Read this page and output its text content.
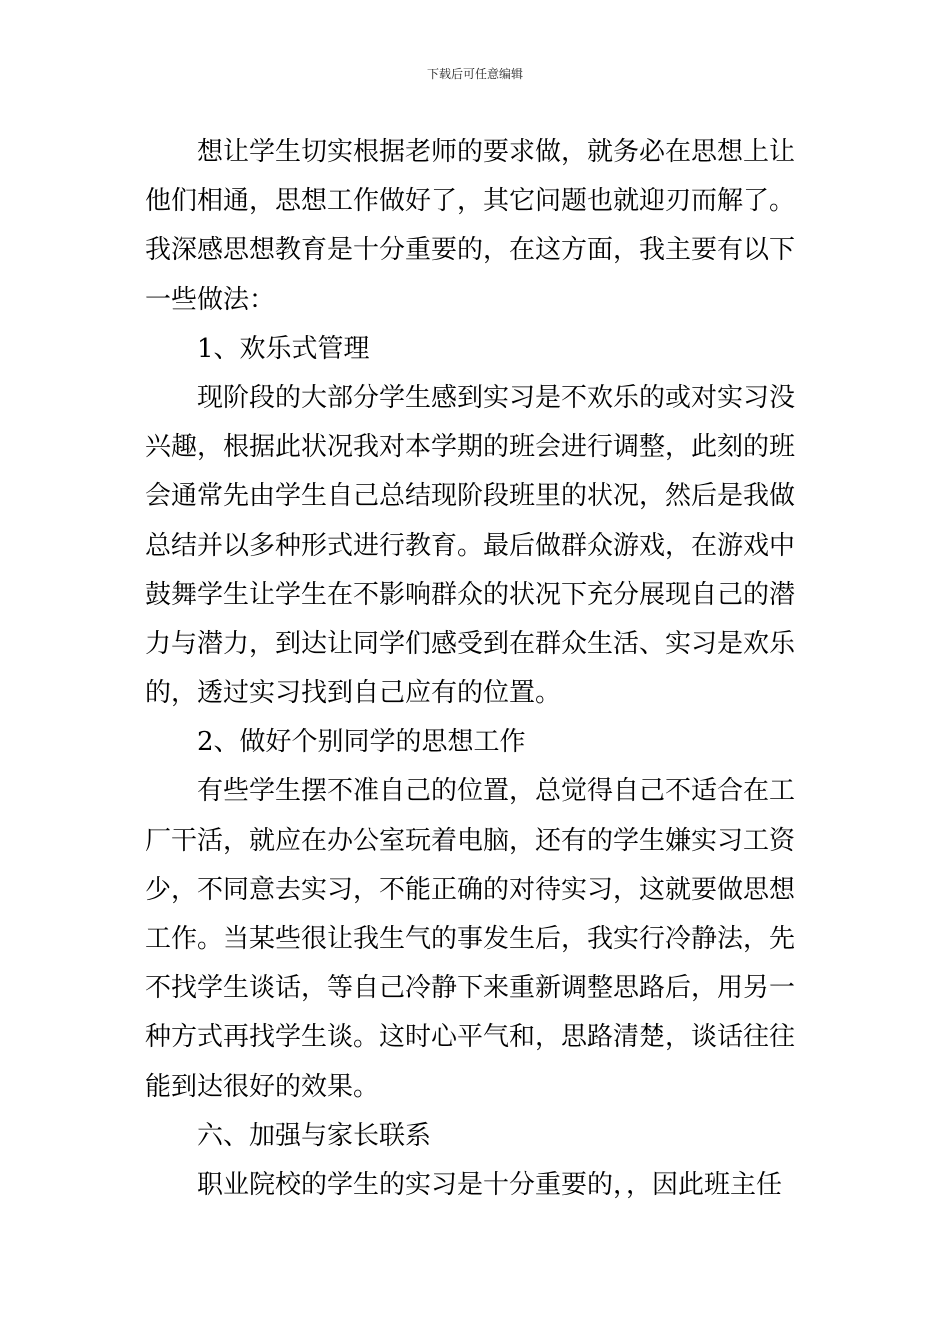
下载后可任意编辑
想让学生切实根据老师的要求做，就务必在思想上让
他们相通，思想工作做好了，其它问题也就迎刃而解了。
我深感思想教育是十分重要的，在这方面，我主要有以下
一些做法：
1、欢乐式管理
现阶段的大部分学生感到实习是不欢乐的或对实习没
兴趣，根据此状况我对本学期的班会进行调整，此刻的班
会通常先由学生自己总结现阶段班里的状况，然后是我做
总结并以多种形式进行教育。最后做群众游戏，在游戏中
鼓舞学生让学生在不影响群众的状况下充分展现自己的潜
力与潜力，到达让同学们感受到在群众生活、实习是欢乐
的，透过实习找到自己应有的位置。
2、做好个别同学的思想工作
有些学生摆不准自己的位置，总觉得自己不适合在工
厂干活，就应在办公室玩着电脑，还有的学生嫌实习工资
少，不同意去实习，不能正确的对待实习，这就要做思想
工作。当某些很让我生气的事发生后，我实行冷静法，先
不找学生谈话，等自己冷静下来重新调整思路后，用另一
种方式再找学生谈。这时心平气和，思路清楚，谈话往往
能到达很好的效果。
六、加强与家长联系
职业院校的学生的实习是十分重要的，，因此班主任
